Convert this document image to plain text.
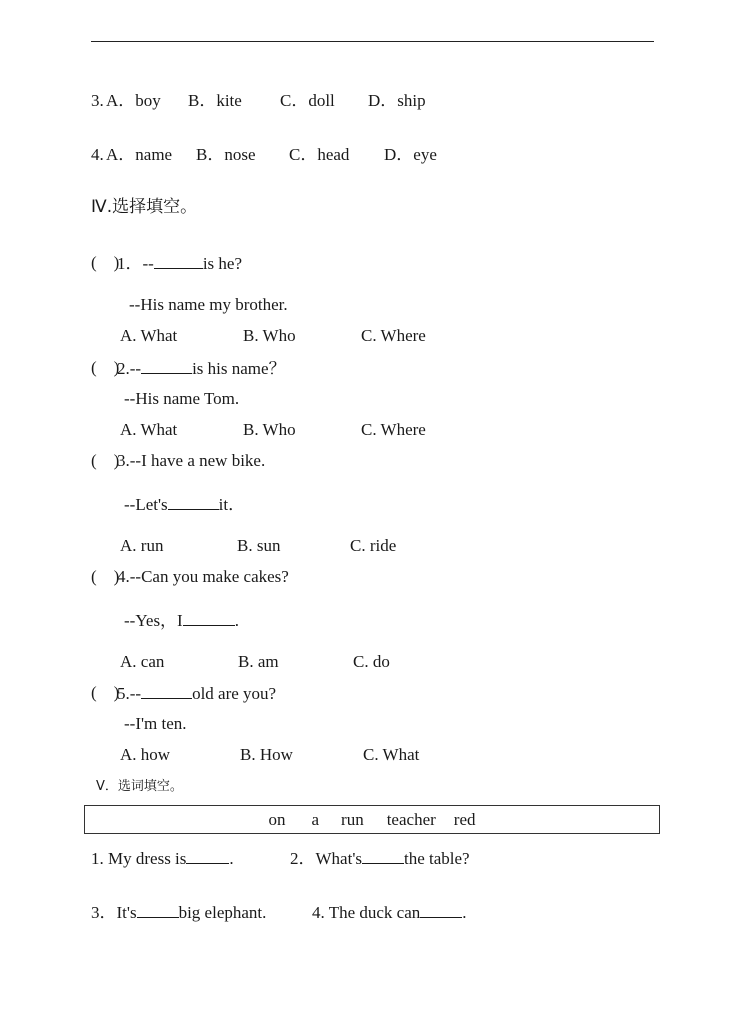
3. A．boy B．kite C．doll D．ship
4. A．name B．nose C．head D．eye
Ⅳ.选择填空。
(    )
1．--	is he?
--His name my brother.
A. What	B. Who	C. Where
(    )
2.--	is his name？
--His name Tom.
A. What	B. Who	C. Where
(    )
3.--I have a new bike.
--Let's	it．
A. run	B. sun	C. ride
(    )
4.--Can you make cakes?
--Yes，I	.
A. can	B. am	C. do
(    )
5.--	old are you?
--I'm ten.
A. how	B. How	C. What
Ⅴ．选词填空。
on a run teacher red
1. My dress is	.	2．What's the table?
3．It's big elephant.	4. The duck can .
